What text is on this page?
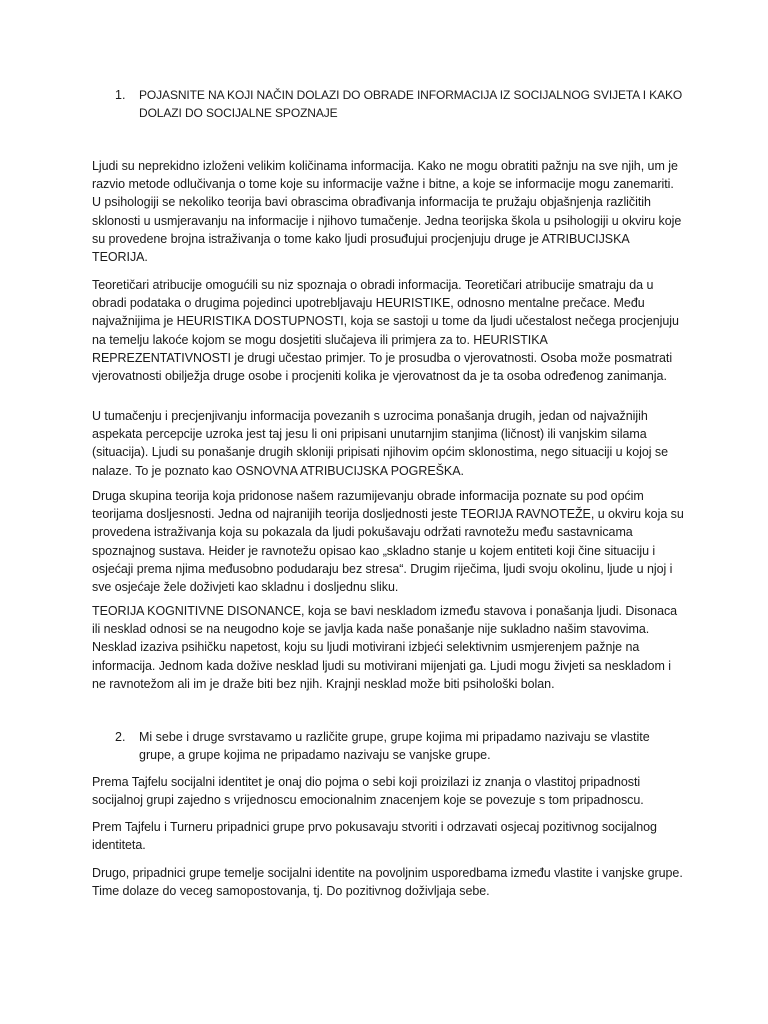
1.	POJASNITE NA KOJI NAČIN DOLAZI DO OBRADE INFORMACIJA IZ SOCIJALNOG SVIJETA I KAKO DOLAZI DO SOCIJALNE SPOZNAJE

Ljudi su neprekidno izloženi velikim količinama informacija. Kako ne mogu obratiti pažnju na sve njih, um je razvio metode odlučivanja o tome koje su informacije važne i bitne, a koje se informacije mogu zanemariti. U psihologiji se nekoliko teorija bavi obrascima obrađivanja informacija te pružaju objašnjenja različitih sklonosti u usmjeravanju na informacije i njihovo tumačenje. Jedna teorijska škola u psihologiji u okviru koje su provedene brojna istraživanja o tome kako ljudi prosuđujui procjenjuju druge je ATRIBUCIJSKA TEORIJA.

Teoretičari atribucije omogućili su niz spoznaja o obradi informacija. Teoretičari atribucije smatraju da u obradi podataka o drugima pojedinci upotrebljavaju HEURISTIKE, odnosno mentalne prečace. Među najvažnijima je HEURISTIKA DOSTUPNOSTI, koja se sastoji u tome da ljudi učestalost nečega procjenjuju na temelju lakoće kojom se mogu dosjetiti slučajeva ili primjera za to. HEURISTIKA REPREZENTATIVNOSTI je drugi učestao primjer. To je prosudba o vjerovatnosti. Osoba može posmatrati vjerovatnosti obilježja druge osobe i procjeniti kolika je vjerovatnost da je ta osoba određenog zanimanja.

U tumačenju i precjenjivanju informacija povezanih s uzrocima ponašanja drugih, jedan od najvažnijih aspekata percepcije uzroka jest taj jesu li oni pripisani unutarnjim stanjima (ličnost) ili vanjskim silama (situacija). Ljudi su ponašanje drugih skloniji pripisati njihovim općim sklonostima, nego situaciji u kojoj se nalaze. To je poznato kao OSNOVNA ATRIBUCIJSKA POGREŠKA.

Druga skupina teorija koja pridonose našem razumijevanju obrade informacija poznate su pod općim teorijama dosljesnosti. Jedna od najranijih teorija dosljednosti jeste TEORIJA RAVNOTEŽE, u okviru koja su provedena istraživanja koja su pokazala da ljudi pokušavaju održati ravnotežu među sastavnicama spoznajnog sustava. Heider je ravnotežu opisao kao „skladno stanje u kojem entiteti koji čine situaciju i osjećaji prema njima međusobno podudaraju bez stresa“. Drugim riječima, ljudi svoju okolinu, ljude u njoj i sve osjećaje žele doživjeti kao skladnu i dosljednu sliku.

TEORIJA KOGNITIVNE DISONANCE, koja se bavi neskladom između stavova i ponašanja ljudi. Disonaca ili nesklad odnosi se na neugodno koje se javlja kada naše ponašanje nije sukladno našim stavovima. Nesklad izaziva psihičku napetost, koju su ljudi motivirani izbjeći selektivnim usmjerenjem pažnje na informacija. Jednom kada dožive nesklad ljudi su motivirani mijenjati ga. Ljudi mogu živjeti sa neskladom i ne ravnotežom ali im je draže biti bez njih. Krajnji nesklad može biti psihološki bolan.

2.	Mi sebe i druge svrstavamo u različite grupe, grupe kojima mi pripadamo nazivaju se vlastite grupe, a grupe kojima ne pripadamo nazivaju se vanjske grupe.

Prema Tajfelu socijalni identitet je onaj dio pojma o sebi koji proizilazi iz znanja o vlastitoj pripadnosti socijalnoj grupi zajedno s vrijednoscu emocionalnim znacenjem koje se povezuje s tom pripadnoscu.

Prem Tajfelu i Turneru pripadnici grupe prvo pokusavaju stvoriti i odrzavati osjecaj pozitivnog socijalnog identiteta.

Drugo, pripadnici grupe temelje socijalni identite na povoljnim usporedbama između vlastite i vanjske grupe. Time dolaze do veceg samopostovanja, tj. Do pozitivnog doživljaja sebe.
